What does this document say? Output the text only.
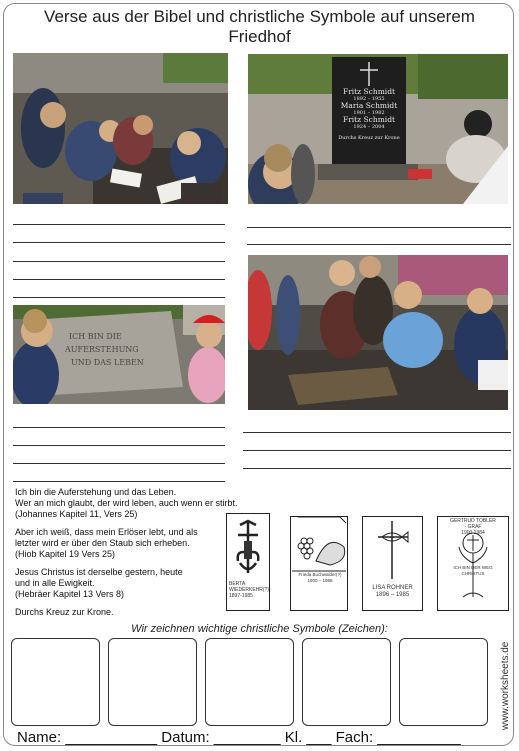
Verse aus der Bibel und christliche Symbole auf unserem
Friedhof
Fritz Schmidt
1892 – 1955
Maria Schmidt
1901 – 1982
Fritz Schmidt
1924 – 2004
Durchs Kreuz zur Krone
ICH BIN DIE
AUFERSTEHUNG
UND DAS LEBEN

Ich bin die Auferstehung und das Leben.
Wer an mich glaubt, der wird leben, auch wenn er stirbt.
(Johannes Kapitel 11, Vers 25)

Aber ich weiß, dass mein Erlöser lebt, und als
letzter wird er über den Staub sich erheben.
(Hiob Kapitel 19 Vers 25)

Jesus Christus ist derselbe gestern, heute
und in alle Ewigkeit.
(Hebräer Kapitel 13 Vers 8)

Durchs Kreuz zur Krone.

BERTA
WIEDERKEHR(?)
1897-1985
Frieda Buchwalder(?)
1900 – 1986
LISA ROHNER
1896 – 1985
GERTRUD TOBLER
- GRAF
1900 1984
ICH BIN DER WEG
CHRISTUS
Wir zeichnen wichtige christliche Symbole (Zeichen):
www.worksheets.de
Name: ___________ Datum: ________ Kl. ___ Fach: __________
